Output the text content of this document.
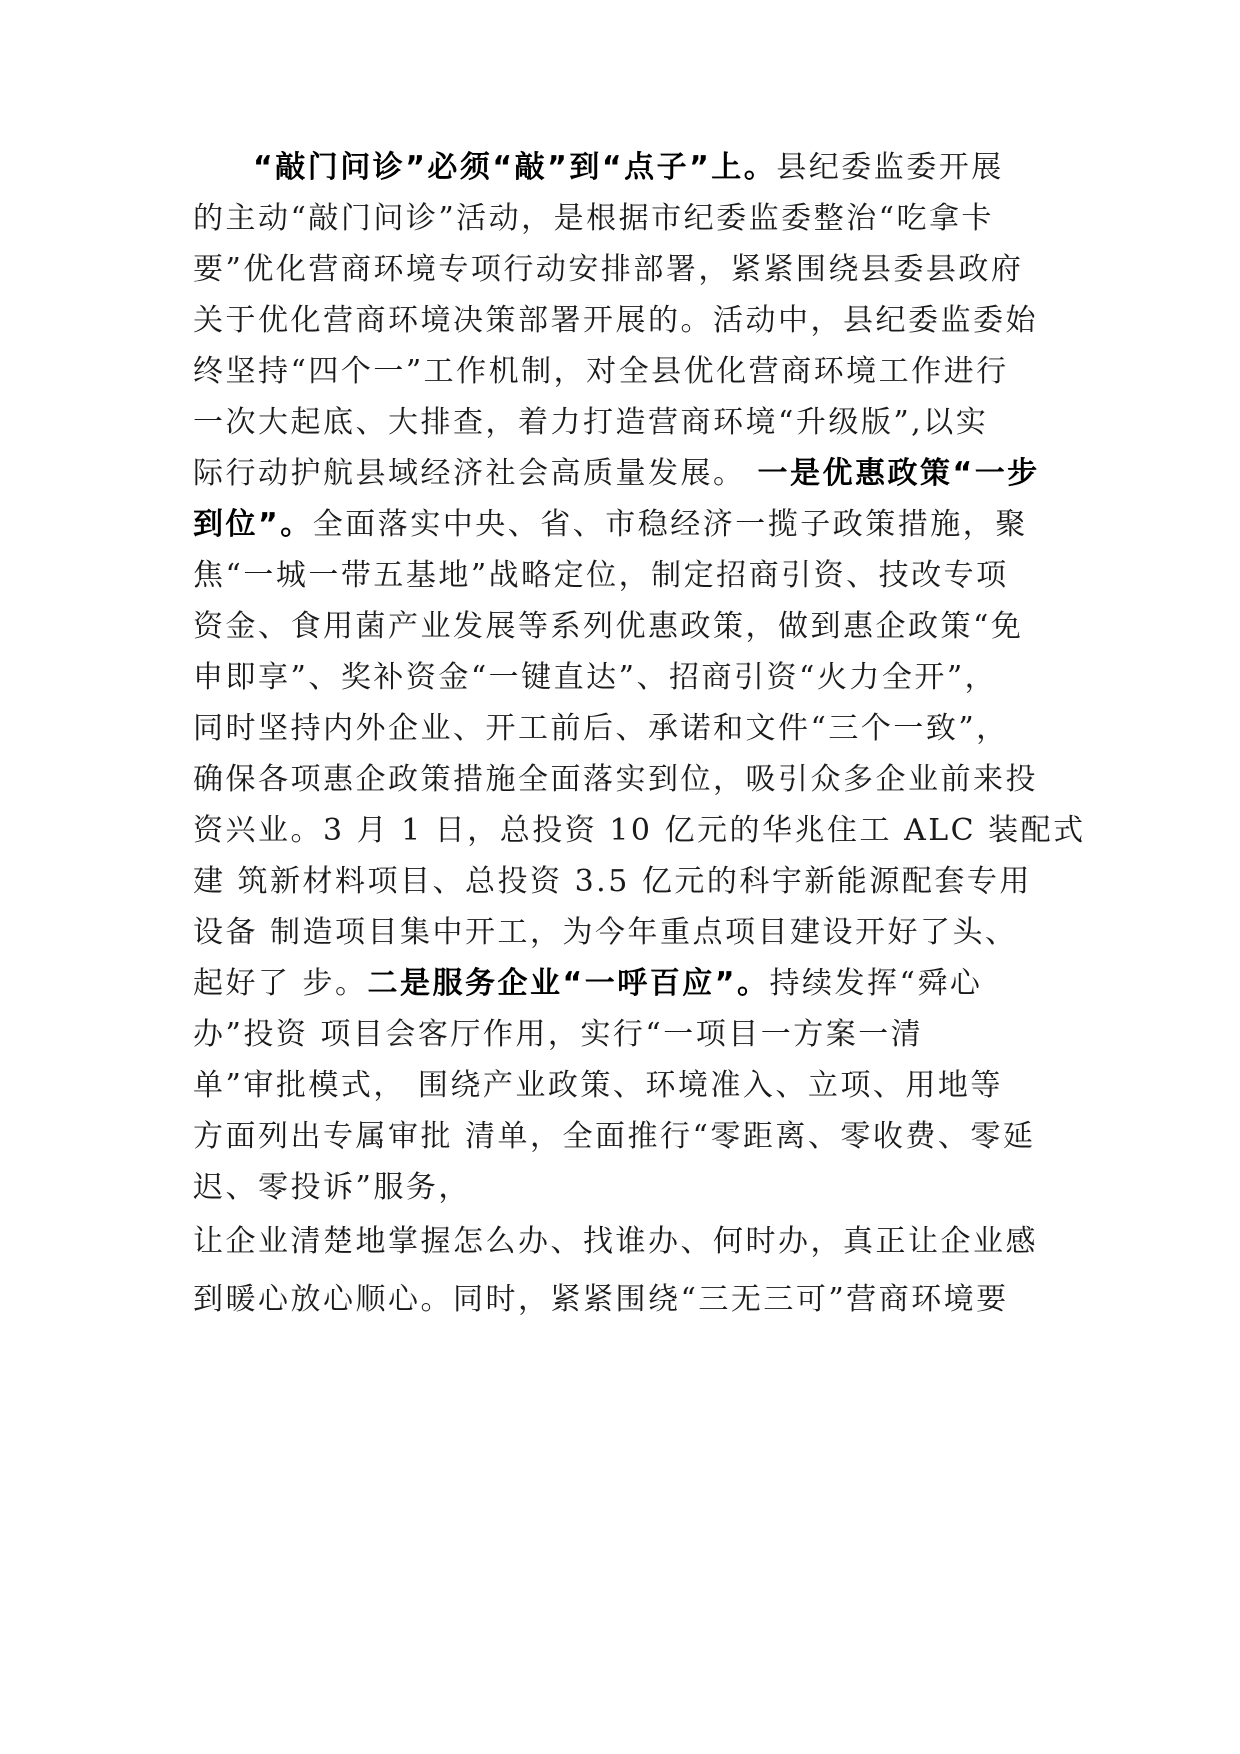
“敲门问诊”必须“敲”到“点子”上。县纪委监委开展
的主动“敲门问诊”活动，是根据市纪委监委整治“吃拿卡
要”优化营商环境专项行动安排部署，紧紧围绕县委县政府
关于优化营商环境决策部署开展的。活动中，县纪委监委始
终坚持“四个一”工作机制，对全县优化营商环境工作进行
一次大起底、大排查，着力打造营商环境“升级版”,以实
际行动护航县域经济社会高质量发展。 一是优惠政策“一步
到位”。全面落实中央、省、市稳经济一揽子政策措施，聚
焦“一城一带五基地”战略定位，制定招商引资、技改专项
资金、食用菌产业发展等系列优惠政策，做到惠企政策“免
申即享”、奖补资金“一键直达”、招商引资“火力全开”，
同时坚持内外企业、开工前后、承诺和文件“三个一致”，
确保各项惠企政策措施全面落实到位，吸引众多企业前来投
资兴业。3 月 1 日，总投资 10 亿元的华兆住工 ALC 装配式
建 筑新材料项目、总投资 3.5 亿元的科宇新能源配套专用
设备 制造项目集中开工，为今年重点项目建设开好了头、
起好了 步。二是服务企业“一呼百应”。持续发挥“舜心
办”投资 项目会客厅作用，实行“一项目一方案一清
单”审批模式， 围绕产业政策、环境准入、立项、用地等
方面列出专属审批 清单，全面推行“零距离、零收费、零延
迟、零投诉”服务，
让企业清楚地掌握怎么办、找谁办、何时办，真正让企业感
到暖心放心顺心。同时，紧紧围绕“三无三可”营商环境要
